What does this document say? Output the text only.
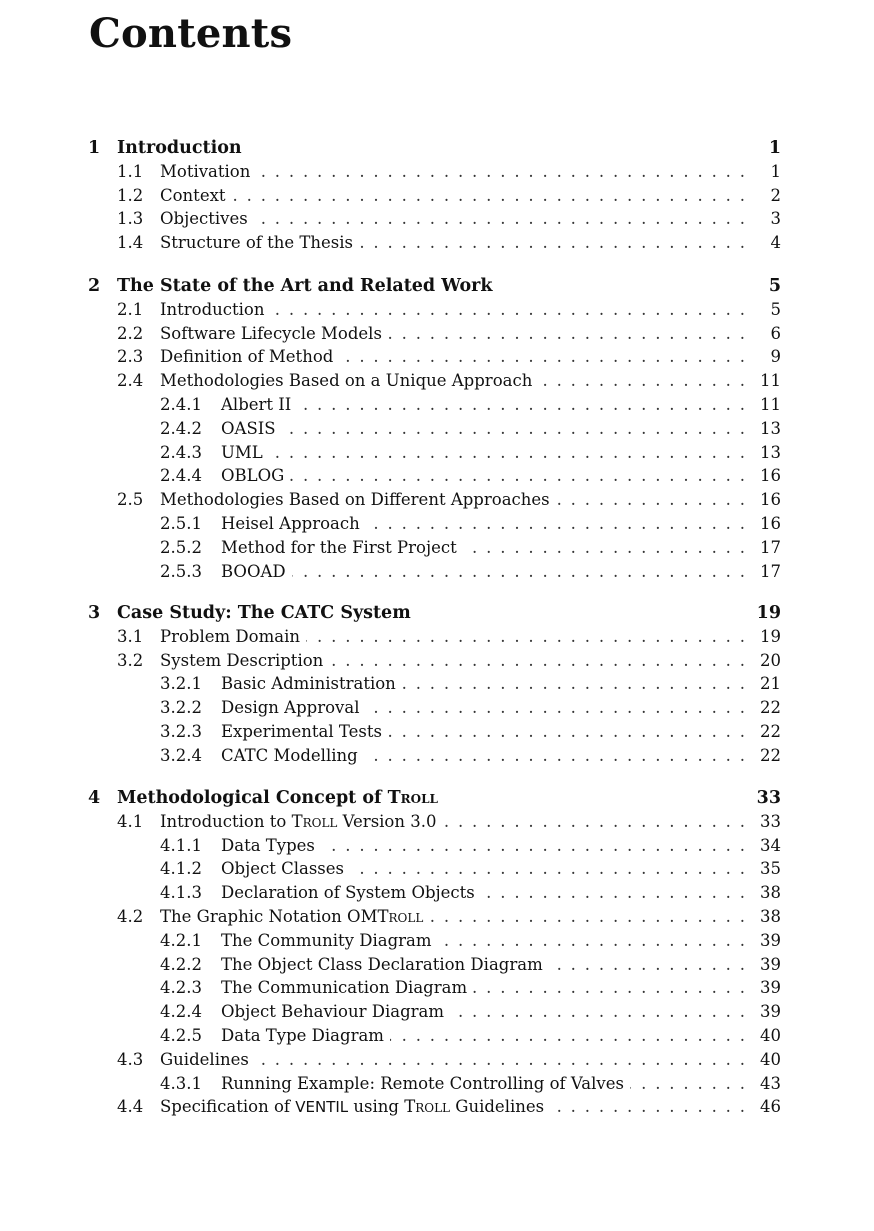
Contents
1 Introduction	1
1.1 Motivation	1
. . .
1.2 Context	2
. . .
1.3 Objectives	3
. . .
1.4 Structure of the Thesis	4
. . .
2 The State of the Art and Related Work	5
2.1 Introduction	5
. . .
2.2 Software Lifecycle Models	6
. . .
2.3 Definition of Method	9
. . .
2.4 Methodologies Based on a Unique Approach	11
. . .
2.4.1 Albert II	11
. . .
2.4.2 OASIS	13
. . .
2.4.3 UML	13
. . .
2.4.4 OBLOG	16
. . .
2.5 Methodologies Based on Different Approaches	16
. . .
2.5.1 Heisel Approach	16
. . .
2.5.2 Method for the First Project	17
. . .
2.5.3 BOOAD	17
. . .
3 Case Study: The CATC System	19
3.1 Problem Domain	19
. . .
3.2 System Description	20
. . .
3.2.1 Basic Administration	21
. . .
3.2.2 Design Approval	22
. . .
3.2.3 Experimental Tests	22
. . .
3.2.4 CATC Modelling	22
. . .
4 Methodological Concept of Troll	33
4.1 Introduction to Troll Version 3.0	33
. . .
4.1.1 Data Types	34
. . .
4.1.2 Object Classes	35
. . .
4.1.3 Declaration of System Objects	38
. . .
4.2 The Graphic Notation OMTroll	38
. . .
4.2.1 The Community Diagram	39
. . .
4.2.2 The Object Class Declaration Diagram	39
. . .
4.2.3 The Communication Diagram	39
. . .
4.2.4 Object Behaviour Diagram	39
. . .
4.2.5 Data Type Diagram	40
. . .
4.3 Guidelines	40
. . .
4.3.1 Running Example: Remote Controlling of Valves	43
. . .
4.4 Specification of VENTIL using Troll Guidelines	46
. . .
